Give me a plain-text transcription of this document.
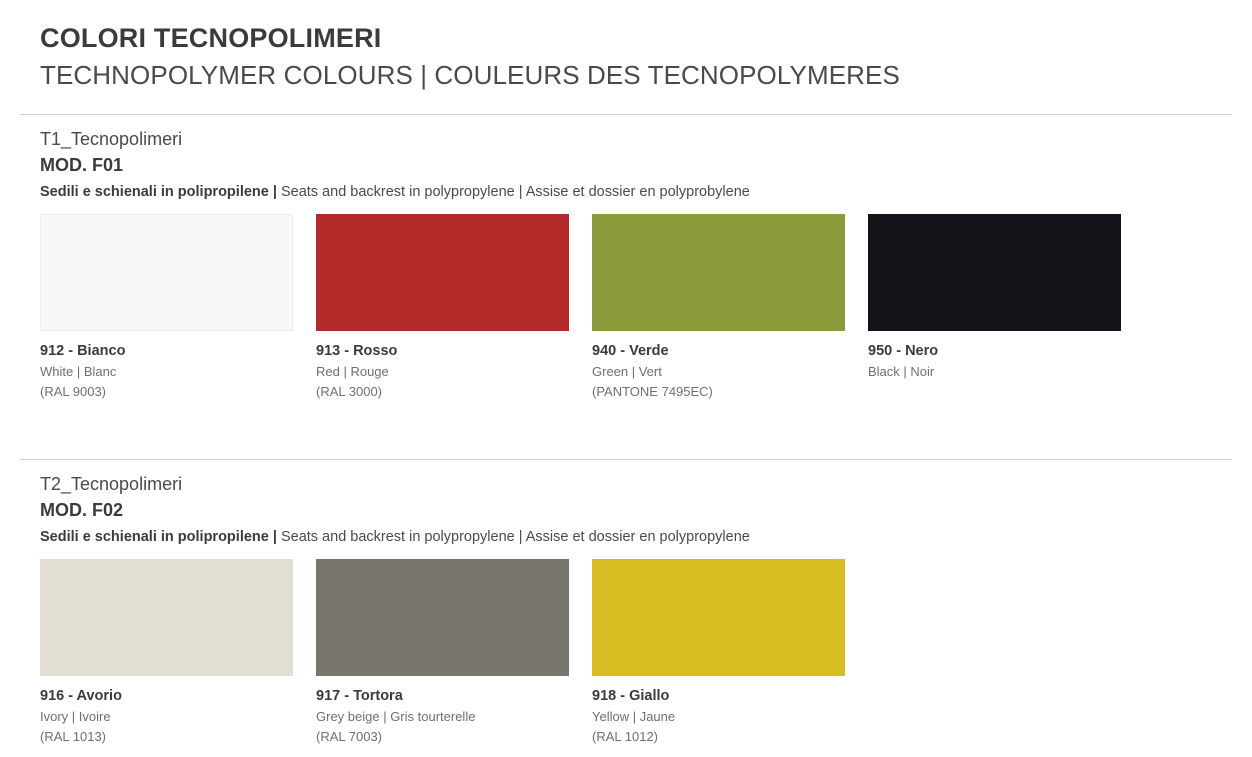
COLORI TECNOPOLIMERI
TECHNOPOLYMER COLOURS | COULEURS DES TECNOPOLYMERES
T1_Tecnopolimeri
MOD. F01
Sedili e schienali in polipropilene | Seats and backrest in polypropylene | Assise et dossier en polyprobylene
912 - Bianco
White | Blanc
(RAL 9003)
913 - Rosso
Red | Rouge
(RAL 3000)
940 - Verde
Green | Vert
(PANTONE 7495EC)
950 - Nero
Black | Noir
T2_Tecnopolimeri
MOD. F02
Sedili e schienali in polipropilene | Seats and backrest in polypropylene | Assise et dossier en polypropylene
916 - Avorio
Ivory | Ivoire
(RAL 1013)
917 - Tortora
Grey beige | Gris tourterelle
(RAL 7003)
918 - Giallo
Yellow | Jaune
(RAL 1012)
